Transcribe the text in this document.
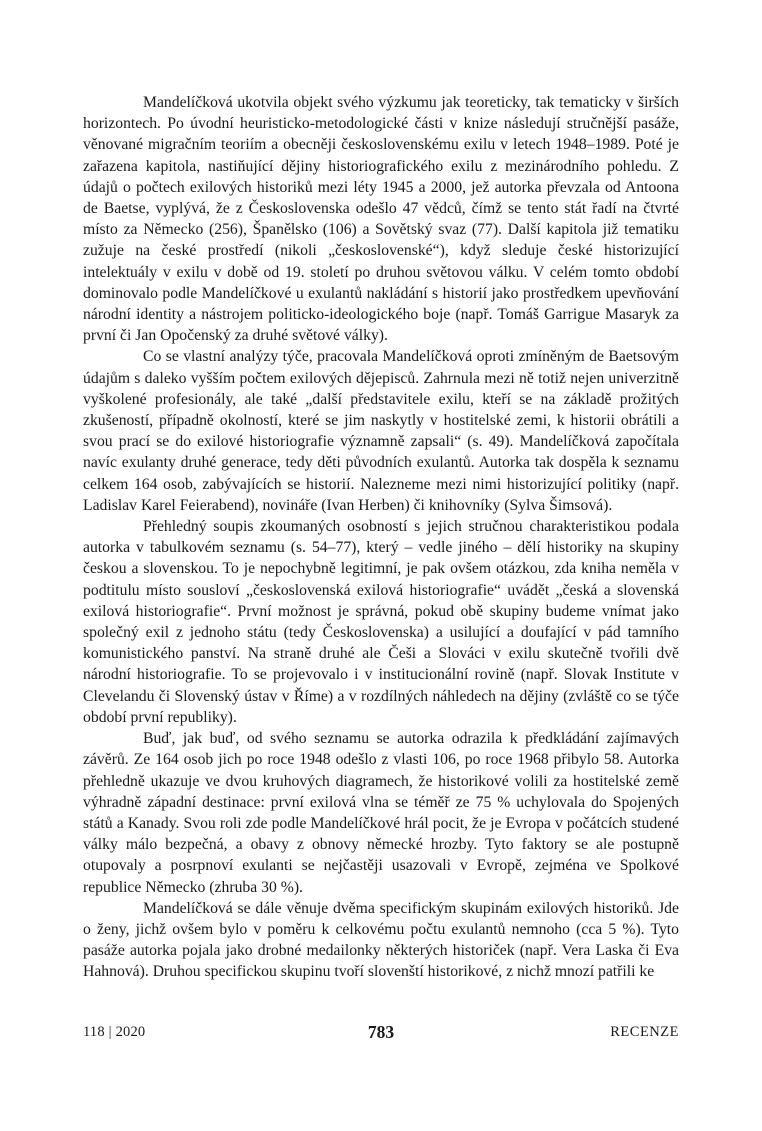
Mandelíčková ukotvila objekt svého výzkumu jak teoreticky, tak tematicky v širších horizontech. Po úvodní heuristicko-metodologické části v knize následují stručnější pasáže, věnované migračním teoriím a obecněji československému exilu v letech 1948–1989. Poté je zařazena kapitola, nastiňující dějiny historiografického exilu z mezinárodního pohledu. Z údajů o počtech exilových historiků mezi léty 1945 a 2000, jež autorka převzala od Antoona de Baetse, vyplývá, že z Československa odešlo 47 vědců, čímž se tento stát řadí na čtvrté místo za Německo (256), Španělsko (106) a Sovětský svaz (77). Další kapitola již tematiku zužuje na české prostředí (nikoli „československé“), když sleduje české historizující intelektuály v exilu v době od 19. století po druhou světovou válku. V celém tomto období dominovalo podle Mandelíčkové u exulantů nakládání s historií jako prostředkem upevňování národní identity a nástrojem politicko-ideologického boje (např. Tomáš Garrigue Masaryk za první či Jan Opočenský za druhé světové války).

Co se vlastní analýzy týče, pracovala Mandelíčková oproti zmíněným de Baetsovým údajům s daleko vyšším počtem exilových dějepisců. Zahrnula mezi ně totiž nejen univerzitně vyškolené profesionály, ale také „další představitele exilu, kteří se na základě prožitých zkušeností, případně okolností, které se jim naskytly v hostitelské zemi, k historii obrátili a svou prací se do exilové historiografie významně zapsali“ (s. 49). Mandelíčková započítala navíc exulanty druhé generace, tedy děti původních exulantů. Autorka tak dospěla k seznamu celkem 164 osob, zabývajících se historií. Nalezneme mezi nimi historizující politiky (např. Ladislav Karel Feierabend), novináře (Ivan Herben) či knihovníky (Sylva Šimsová).

Přehledný soupis zkoumaných osobností s jejich stručnou charakteristikou podala autorka v tabulkovém seznamu (s. 54–77), který – vedle jiného – dělí historiky na skupiny českou a slovenskou. To je nepochybně legitimní, je pak ovšem otázkou, zda kniha neměla v podtitulu místo sousloví „československá exilová historiografie“ uvádět „česká a slovenská exilová historiografie“. První možnost je správná, pokud obě skupiny budeme vnímat jako společný exil z jednoho státu (tedy Československa) a usilující a doufající v pád tamního komunistického panství. Na straně druhé ale Češi a Slováci v exilu skutečně tvořili dvě národní historiografie. To se projevovalo i v institucionální rovině (např. Slovak Institute v Clevelandu či Slovenský ústav v Říme) a v rozdílných náhledech na dějiny (zvláště co se týče období první republiky).

Buď, jak buď, od svého seznamu se autorka odrazila k předkládání zajímavých závěrů. Ze 164 osob jich po roce 1948 odešlo z vlasti 106, po roce 1968 přibylo 58. Autorka přehledně ukazuje ve dvou kruhových diagramech, že historikové volili za hostitelské země výhradně západní destinace: první exilová vlna se téměř ze 75 % uchylovala do Spojených států a Kanady. Svou roli zde podle Mandelíčkové hrál pocit, že je Evropa v počátcích studené války málo bezpečná, a obavy z obnovy německé hrozby. Tyto faktory se ale postupně otupovaly a posrpnoví exulanti se nejčastěji usazovali v Evropě, zejména ve Spolkové republice Německo (zhruba 30 %).

Mandelíčková se dále věnuje dvěma specifickým skupinám exilových historiků. Jde o ženy, jichž ovšem bylo v poměru k celkovému počtu exulantů nemnoho (cca 5 %). Tyto pasáže autorka pojala jako drobné medailonky některých historiček (např. Vera Laska či Eva Hahnová). Druhou specifickou skupinu tvoří slovenští historikové, z nichž mnozí patřili ke

118 | 2020	783	RECENZE
